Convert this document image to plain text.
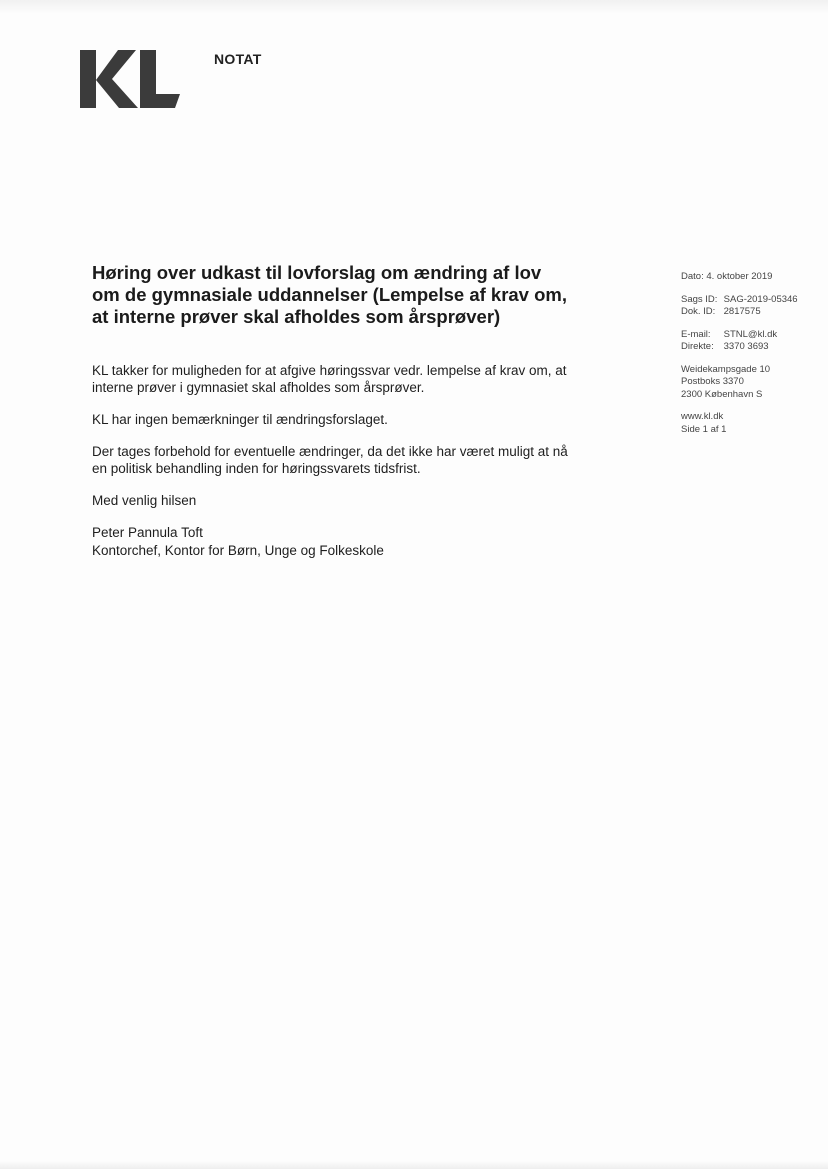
NOTAT
Høring over udkast til lovforslag om ændring af lov om de gymnasiale uddannelser (Lempelse af krav om, at interne prøver skal afholdes som årsprøver)

KL takker for muligheden for at afgive høringssvar vedr. lempelse af krav om, at interne prøver i gymnasiet skal afholdes som årsprøver.

KL har ingen bemærkninger til ændringsforslaget.

Der tages forbehold for eventuelle ændringer, da det ikke har været muligt at nå en politisk behandling inden for høringssvarets tidsfrist.

Med venlig hilsen

Peter Pannula Toft
Kontorchef, Kontor for Børn, Unge og Folkeskole
Dato: 4. oktober 2019
Sags ID: SAG-2019-05346
Dok. ID: 2817575
E-mail: STNL@kl.dk
Direkte: 3370 3693
Weidekampsgade 10
Postboks 3370
2300 København S
www.kl.dk
Side 1 af 1
